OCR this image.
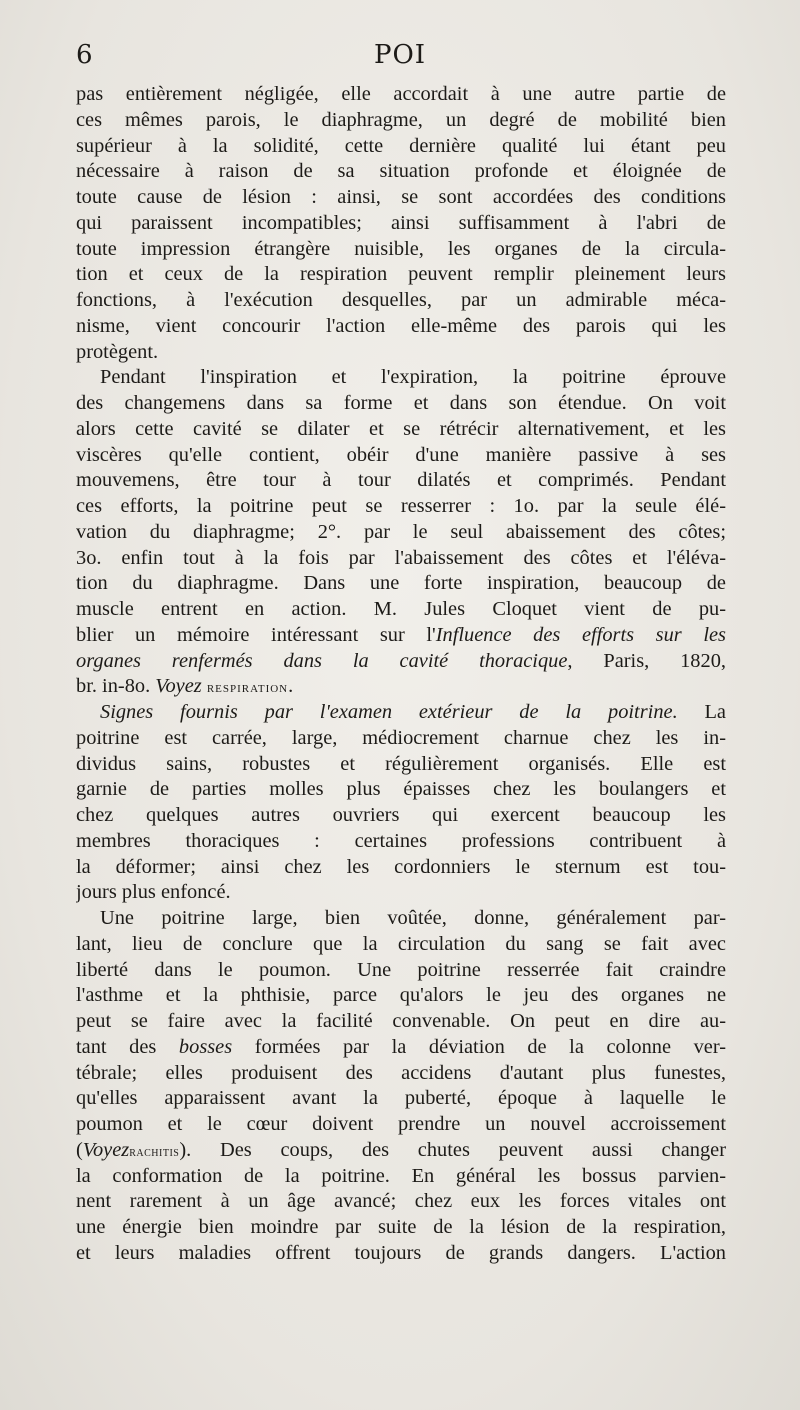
6	POI
pas entièrement négligée, elle accordait à une autre partie de
ces mêmes parois, le diaphragme, un degré de mobilité bien
supérieur à la solidité, cette dernière qualité lui étant peu
nécessaire à raison de sa situation profonde et éloignée de
toute cause de lésion : ainsi, se sont accordées des conditions
qui paraissent incompatibles; ainsi suffisamment à l'abri de
toute impression étrangère nuisible, les organes de la circula-
tion et ceux de la respiration peuvent remplir pleinement leurs
fonctions, à l'exécution desquelles, par un admirable méca-
nisme, vient concourir l'action elle-même des parois qui les
protègent.
Pendant l'inspiration et l'expiration, la poitrine éprouve
des changemens dans sa forme et dans son étendue. On voit
alors cette cavité se dilater et se rétrécir alternativement, et les
viscères qu'elle contient, obéir d'une manière passive à ses
mouvemens, être tour à tour dilatés et comprimés. Pendant
ces efforts, la poitrine peut se resserrer : 1o. par la seule élé-
vation du diaphragme; 2°. par le seul abaissement des côtes;
3o. enfin tout à la fois par l'abaissement des côtes et l'éléva-
tion du diaphragme. Dans une forte inspiration, beaucoup de
muscle entrent en action. M. Jules Cloquet vient de pu-
blier un mémoire intéressant sur l'Influence des efforts sur les
organes renfermés dans la cavité thoracique, Paris, 1820,
br. in-8o. Voyez respiration.
Signes fournis par l'examen extérieur de la poitrine. La
poitrine est carrée, large, médiocrement charnue chez les in-
dividus sains, robustes et régulièrement organisés. Elle est
garnie de parties molles plus épaisses chez les boulangers et
chez quelques autres ouvriers qui exercent beaucoup les
membres thoraciques : certaines professions contribuent à
la déformer; ainsi chez les cordonniers le sternum est tou-
jours plus enfoncé.
Une poitrine large, bien voûtée, donne, généralement par-
lant, lieu de conclure que la circulation du sang se fait avec
liberté dans le poumon. Une poitrine resserrée fait craindre
l'asthme et la phthisie, parce qu'alors le jeu des organes ne
peut se faire avec la facilité convenable. On peut en dire au-
tant des bosses formées par la déviation de la colonne ver-
tébrale; elles produisent des accidens d'autant plus funestes,
qu'elles apparaissent avant la puberté, époque à laquelle le
poumon et le cœur doivent prendre un nouvel accroissement
(Voyezrachitis). Des coups, des chutes peuvent aussi changer
la conformation de la poitrine. En général les bossus parvien-
nent rarement à un âge avancé; chez eux les forces vitales ont
une énergie bien moindre par suite de la lésion de la respiration,
et leurs maladies offrent toujours de grands dangers. L'action
